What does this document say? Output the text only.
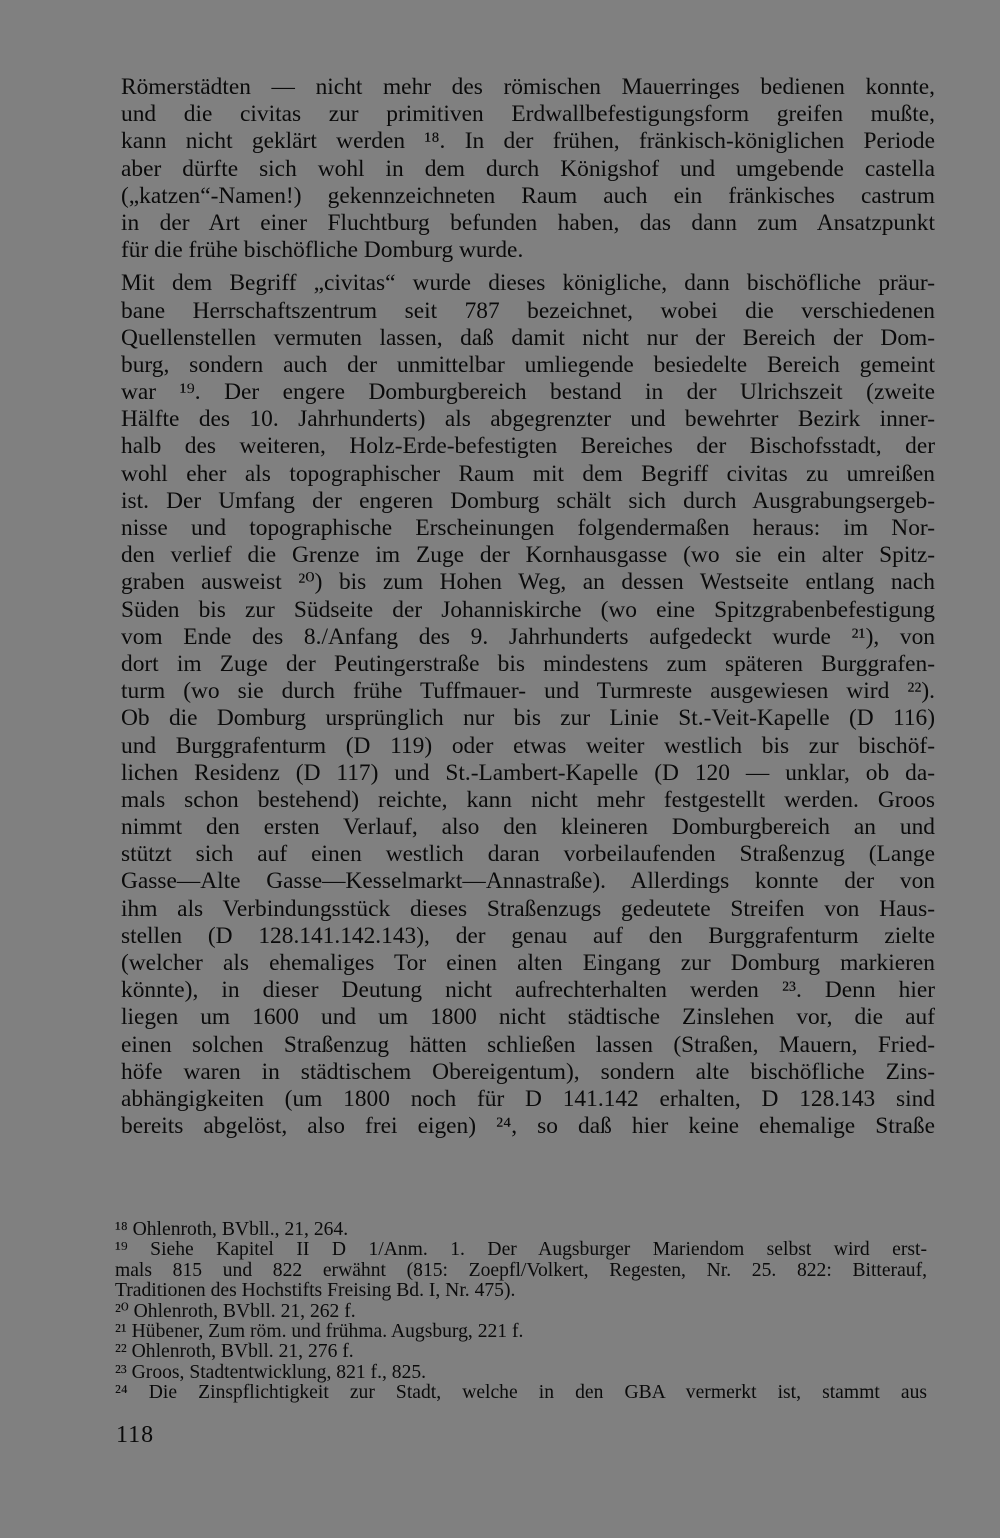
Römerstädten — nicht mehr des römischen Mauerringes bedienen konnte,
und die civitas zur primitiven Erdwallbefestigungsform greifen mußte,
kann nicht geklärt werden ¹⁸. In der frühen, fränkisch-königlichen Periode
aber dürfte sich wohl in dem durch Königshof und umgebende castella
(„katzen“-Namen!) gekennzeichneten Raum auch ein fränkisches castrum
in der Art einer Fluchtburg befunden haben, das dann zum Ansatzpunkt
für die frühe bischöfliche Domburg wurde.
Mit dem Begriff „civitas“ wurde dieses königliche, dann bischöfliche präur-
bane Herrschaftszentrum seit 787 bezeichnet, wobei die verschiedenen
Quellenstellen vermuten lassen, daß damit nicht nur der Bereich der Dom-
burg, sondern auch der unmittelbar umliegende besiedelte Bereich gemeint
war ¹⁹. Der engere Domburgbereich bestand in der Ulrichszeit (zweite
Hälfte des 10. Jahrhunderts) als abgegrenzter und bewehrter Bezirk inner-
halb des weiteren, Holz-Erde-befestigten Bereiches der Bischofsstadt, der
wohl eher als topographischer Raum mit dem Begriff civitas zu umreißen
ist. Der Umfang der engeren Domburg schält sich durch Ausgrabungsergeb-
nisse und topographische Erscheinungen folgendermaßen heraus: im Nor-
den verlief die Grenze im Zuge der Kornhausgasse (wo sie ein alter Spitz-
graben ausweist ²⁰) bis zum Hohen Weg, an dessen Westseite entlang nach
Süden bis zur Südseite der Johanniskirche (wo eine Spitzgrabenbefestigung
vom Ende des 8./Anfang des 9. Jahrhunderts aufgedeckt wurde ²¹), von
dort im Zuge der Peutingerstraße bis mindestens zum späteren Burggrafen-
turm (wo sie durch frühe Tuffmauer- und Turmreste ausgewiesen wird ²²).
Ob die Domburg ursprünglich nur bis zur Linie St.-Veit-Kapelle (D 116)
und Burggrafenturm (D 119) oder etwas weiter westlich bis zur bischöf-
lichen Residenz (D 117) und St.-Lambert-Kapelle (D 120 — unklar, ob da-
mals schon bestehend) reichte, kann nicht mehr festgestellt werden. Groos
nimmt den ersten Verlauf, also den kleineren Domburgbereich an und
stützt sich auf einen westlich daran vorbeilaufenden Straßenzug (Lange
Gasse—Alte Gasse—Kesselmarkt—Annastraße). Allerdings konnte der von
ihm als Verbindungsstück dieses Straßenzugs gedeutete Streifen von Haus-
stellen (D 128.141.142.143), der genau auf den Burggrafenturm zielte
(welcher als ehemaliges Tor einen alten Eingang zur Domburg markieren
könnte), in dieser Deutung nicht aufrechterhalten werden ²³. Denn hier
liegen um 1600 und um 1800 nicht städtische Zinslehen vor, die auf
einen solchen Straßenzug hätten schließen lassen (Straßen, Mauern, Fried-
höfe waren in städtischem Obereigentum), sondern alte bischöfliche Zins-
abhängigkeiten (um 1800 noch für D 141.142 erhalten, D 128.143 sind
bereits abgelöst, also frei eigen) ²⁴, so daß hier keine ehemalige Straße
¹⁸ Ohlenroth, BVbll., 21, 264.
¹⁹ Siehe Kapitel II D 1/Anm. 1. Der Augsburger Mariendom selbst wird erst-
mals 815 und 822 erwähnt (815: Zoepfl/Volkert, Regesten, Nr. 25. 822: Bitterauf,
Traditionen des Hochstifts Freising Bd. I, Nr. 475).
²⁰ Ohlenroth, BVbll. 21, 262 f.
²¹ Hübener, Zum röm. und frühma. Augsburg, 221 f.
²² Ohlenroth, BVbll. 21, 276 f.
²³ Groos, Stadtentwicklung, 821 f., 825.
²⁴ Die Zinspflichtigkeit zur Stadt, welche in den GBA vermerkt ist, stammt aus
118
